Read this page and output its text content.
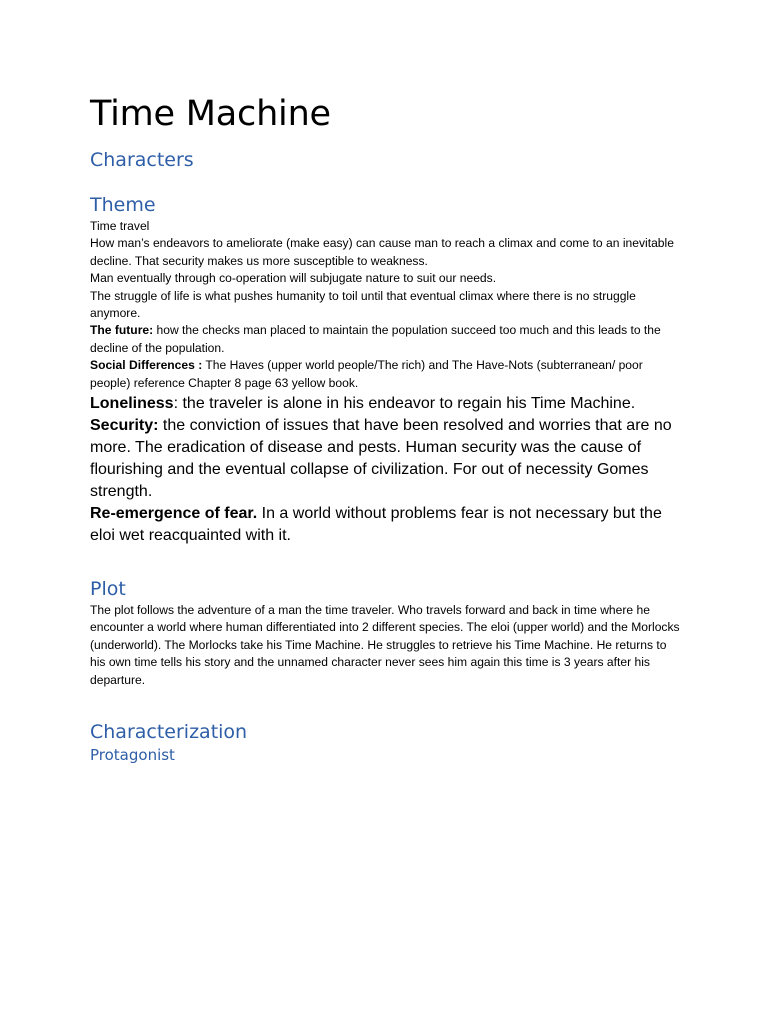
Time Machine
Characters
Theme

Time travel

How man’s endeavors to ameliorate (make easy) can cause man to reach a climax and come to an inevitable decline. That security makes us more susceptible to weakness.

Man eventually through co-operation will subjugate nature to suit our needs.

The struggle of life is what pushes humanity to toil until that eventual climax where there is no struggle anymore.

The future: how the checks man placed to maintain the population succeed too much and this leads to the decline of the population.

Social Differences : The Haves (upper world people/The rich) and The Have-Nots (subterranean/ poor people) reference Chapter 8 page 63 yellow book.

Loneliness: the traveler is alone in his endeavor to regain his Time Machine.

Security: the conviction of issues that have been resolved and worries that are no more. The eradication of disease and pests. Human security was the cause of flourishing and the eventual collapse of civilization. For out of necessity Gomes strength.

Re-emergence of fear. In a world without problems fear is not necessary but the eloi wet reacquainted with it.

Plot

The plot follows the adventure of a man the time traveler. Who travels forward and back in time where he encounter a world where human differentiated into 2 different species. The eloi (upper world) and the Morlocks (underworld). The Morlocks take his Time Machine. He struggles to retrieve his Time Machine. He returns to his own time tells his story and the unnamed character never sees him again this time is 3 years after his departure.

Characterization
Protagonist
